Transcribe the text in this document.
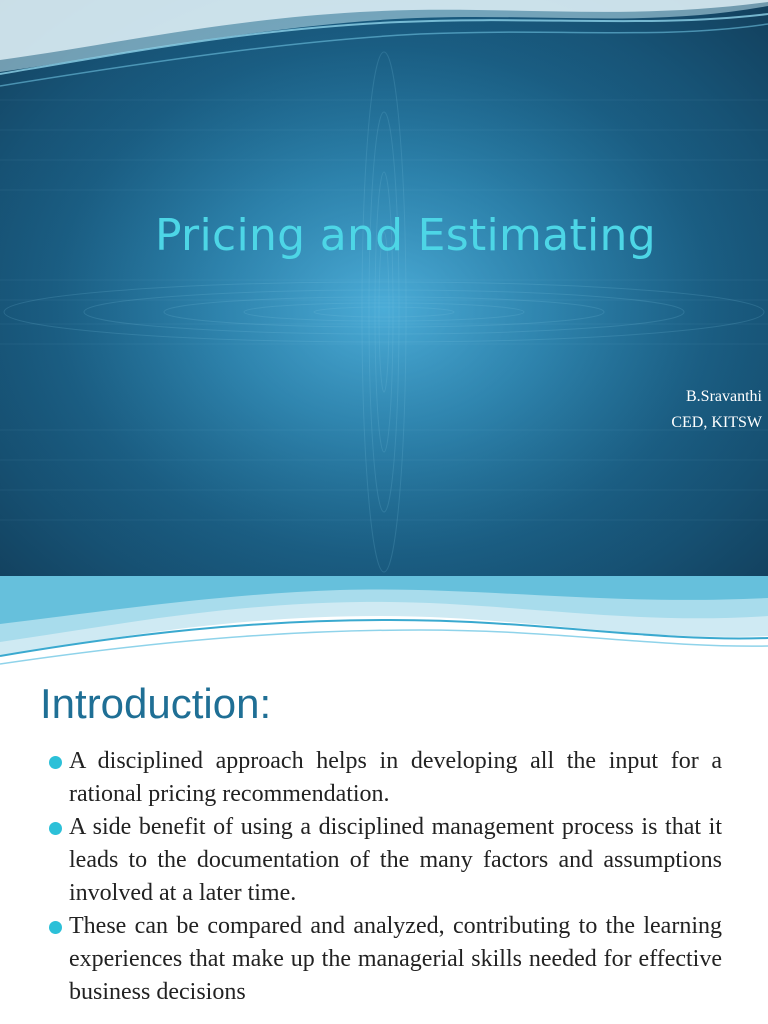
Pricing and Estimating
B.Sravanthi
CED, KITSW
Introduction:
A disciplined approach helps in developing all the input for a rational pricing recommendation.
A side benefit of using a disciplined management process is that it leads to the documentation of the many factors and assumptions involved at a later time.
These can be compared and analyzed, contributing to the learning experiences that make up the managerial skills needed for effective business decisions
